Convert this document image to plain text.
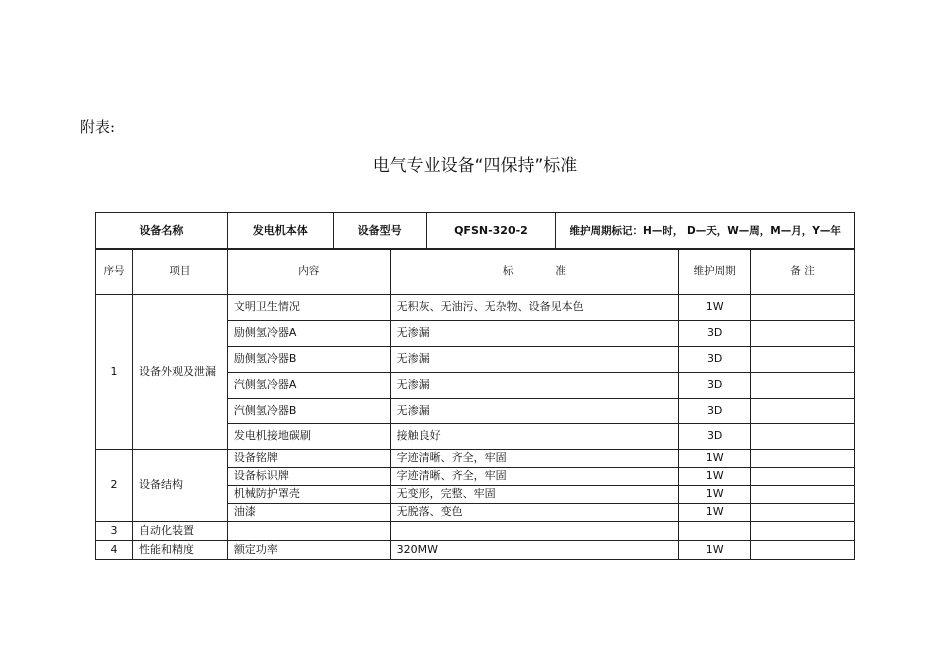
附表:
电气专业设备“四保持”标准
设备名称	发电机本体	设备型号	QFSN-320-2	维护周期标记：H—时， D—天，W—周，M—月，Y—年
序号	项目	内容	标　　　　准	维护周期	备 注
1	设备外观及泄漏	文明卫生情况	无积灰、无油污、无杂物、设备见本色	1W	
		励侧氢冷器A	无渗漏	3D	
		励侧氢冷器B	无渗漏	3D	
		汽侧氢冷器A	无渗漏	3D	
		汽侧氢冷器B	无渗漏	3D	
		发电机接地碳刷	接触良好	3D	
2	设备结构	设备铭牌	字迹清晰、齐全，牢固	1W	
		设备标识牌	字迹清晰、齐全，牢固	1W	
		机械防护罩壳	无变形，完整、牢固	1W	
		油漆	无脱落、变色	1W	
3	自动化装置				
4	性能和精度	额定功率	320MW	1W	
